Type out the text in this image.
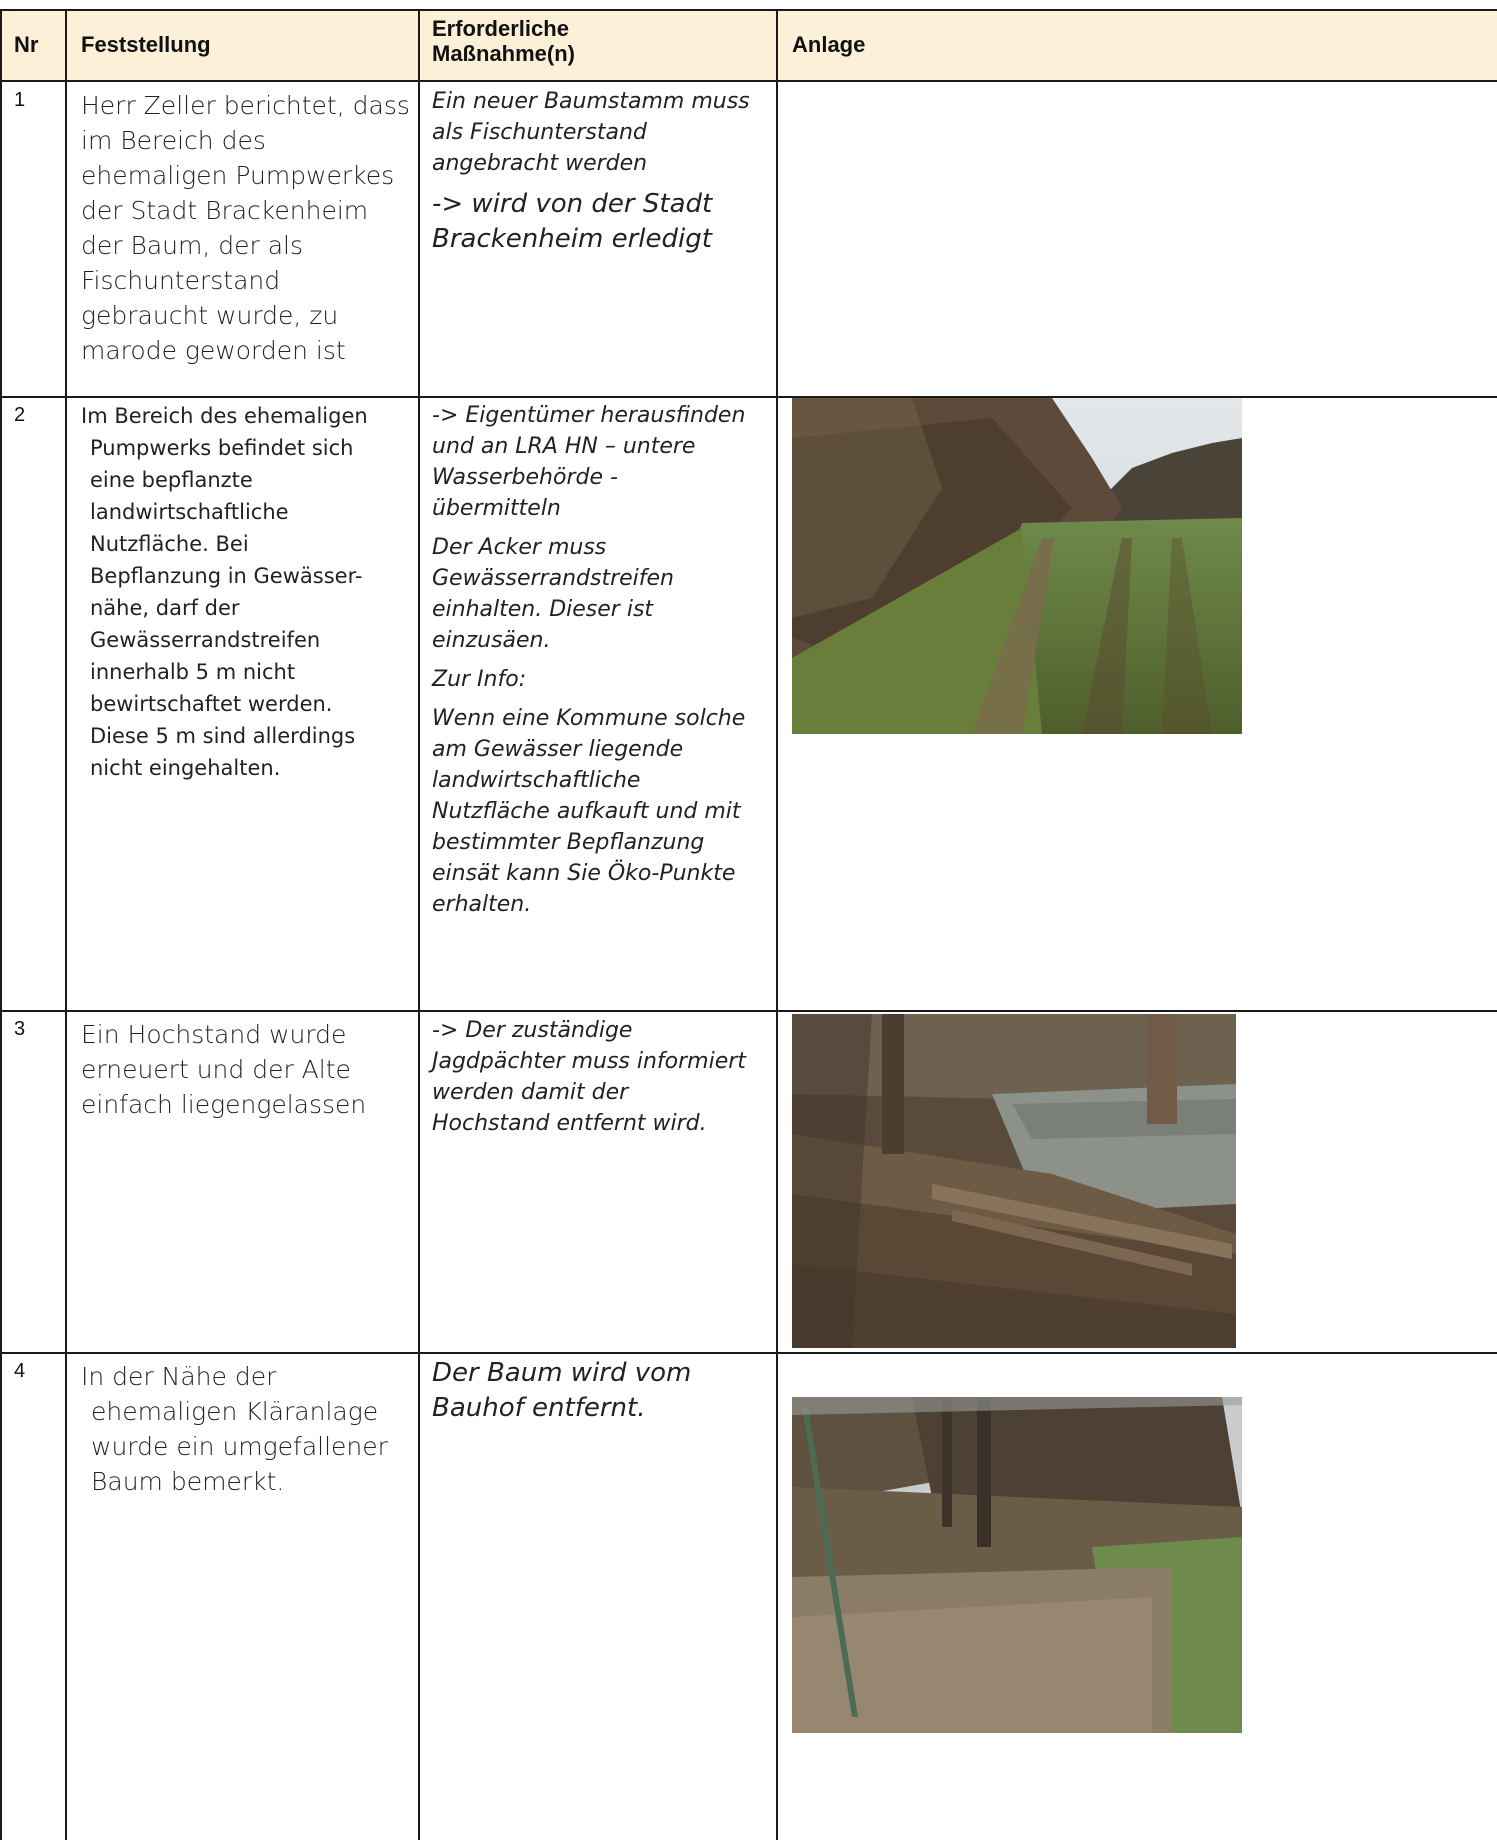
Nr Feststellung
Erforderliche
Maßnahme(n)	Anlage
1 Herr Zeller berichtet, dass
im Bereich des
ehemaligen Pumpwerkes
der Stadt Brackenheim
der Baum, der als
Fischunterstand
gebraucht wurde, zu
marode geworden ist

Ein neuer Baumstamm muss

als Fischunterstand

angebracht werden

-> wird von der Stadt

Brackenheim erledigt

2	Im Bereich des ehemaligen
Pumpwerks befindet sich
eine bepflanzte
landwirtschaftliche
Nutzfläche. Bei
Bepflanzung in Gewässer-
nähe, darf der
Gewässerrandstreifen
innerhalb 5 m nicht
bewirtschaftet werden.
Diese 5 m sind allerdings
nicht eingehalten.

-> Eigentümer herausfinden

und an LRA HN – untere

Wasserbehörde -

übermitteln

Der Acker muss

Gewässerrandstreifen

einhalten. Dieser ist

einzusäen.

Zur Info:

Wenn eine Kommune solche

am Gewässer liegende

landwirtschaftliche

Nutzfläche aufkauft und mit

bestimmter Bepflanzung

einsät kann Sie Öko-Punkte

erhalten.

3 Ein Hochstand wurde
erneuert und der Alte
einfach liegengelassen

-> Der zuständige

Jagdpächter muss informiert

werden damit der

Hochstand entfernt wird.

4 In der Nähe der
ehemaligen Kläranlage
wurde ein umgefallener
Baum bemerkt.

Der Baum wird vom

Bauhof entfernt.
